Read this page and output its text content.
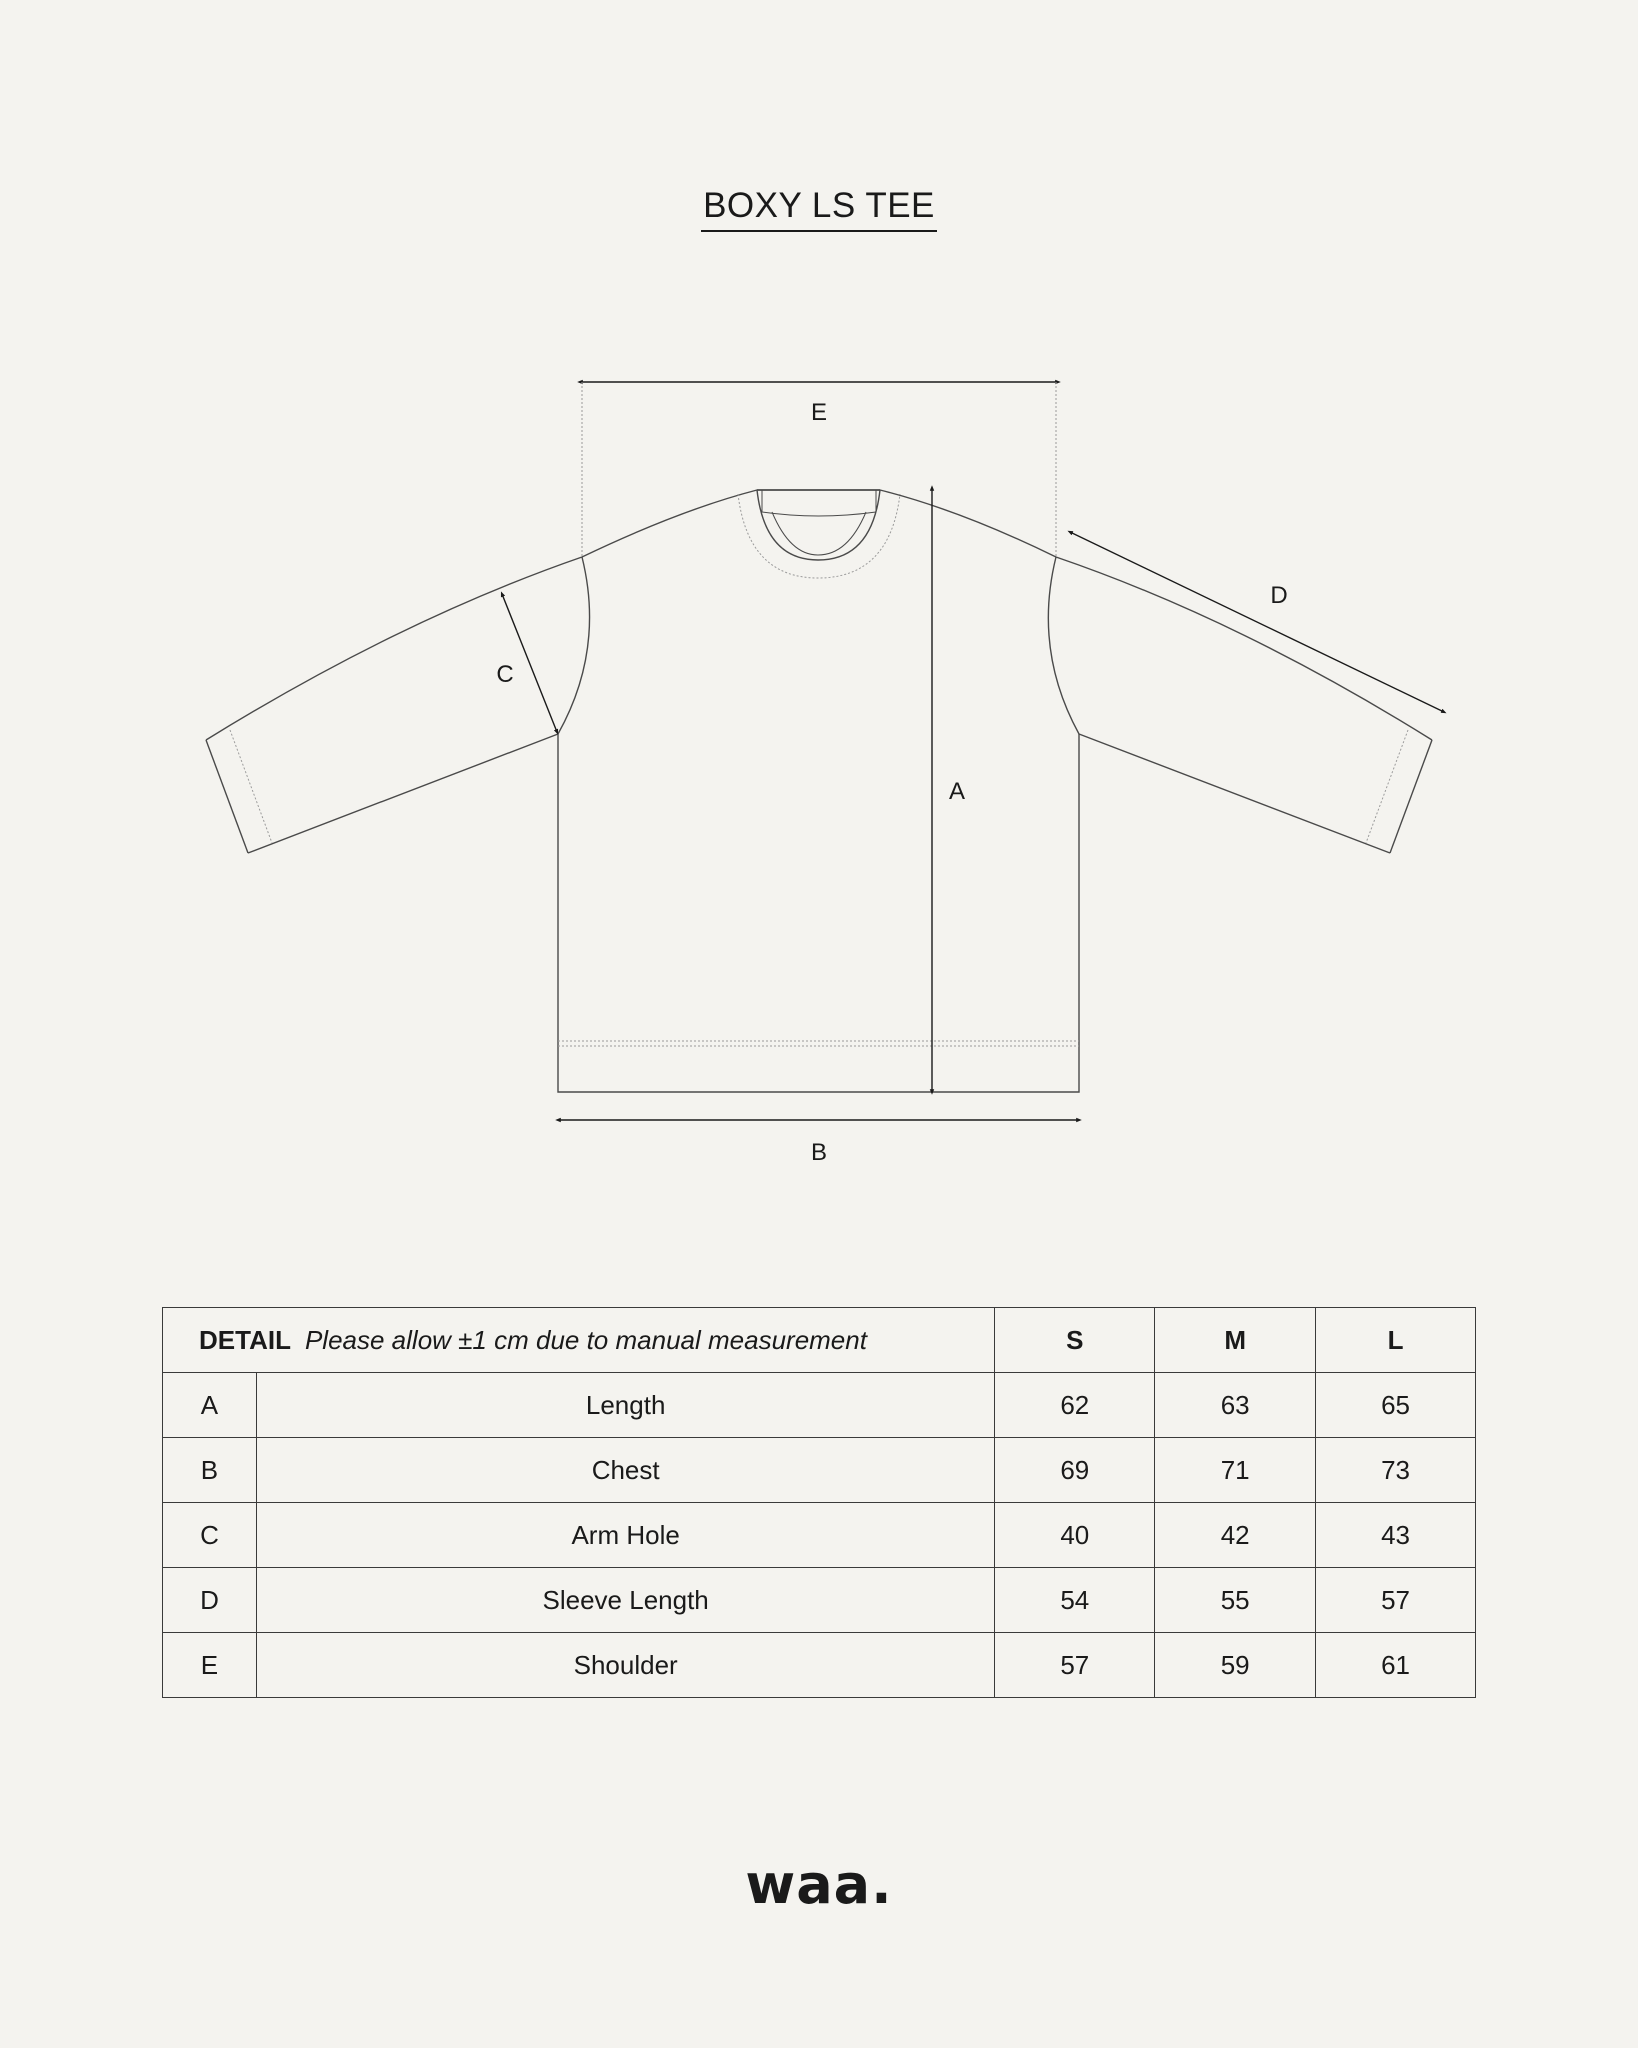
BOXY LS TEE
E
A
B
C
D
DETAIL Please allow ±1 cm due to manual measurement		S	M	L
A	Length	62	63	65
B	Chest	69	71	73
C	Arm Hole	40	42	43
D	Sleeve Length	54	55	57
E	Shoulder	57	59	61
waa.
